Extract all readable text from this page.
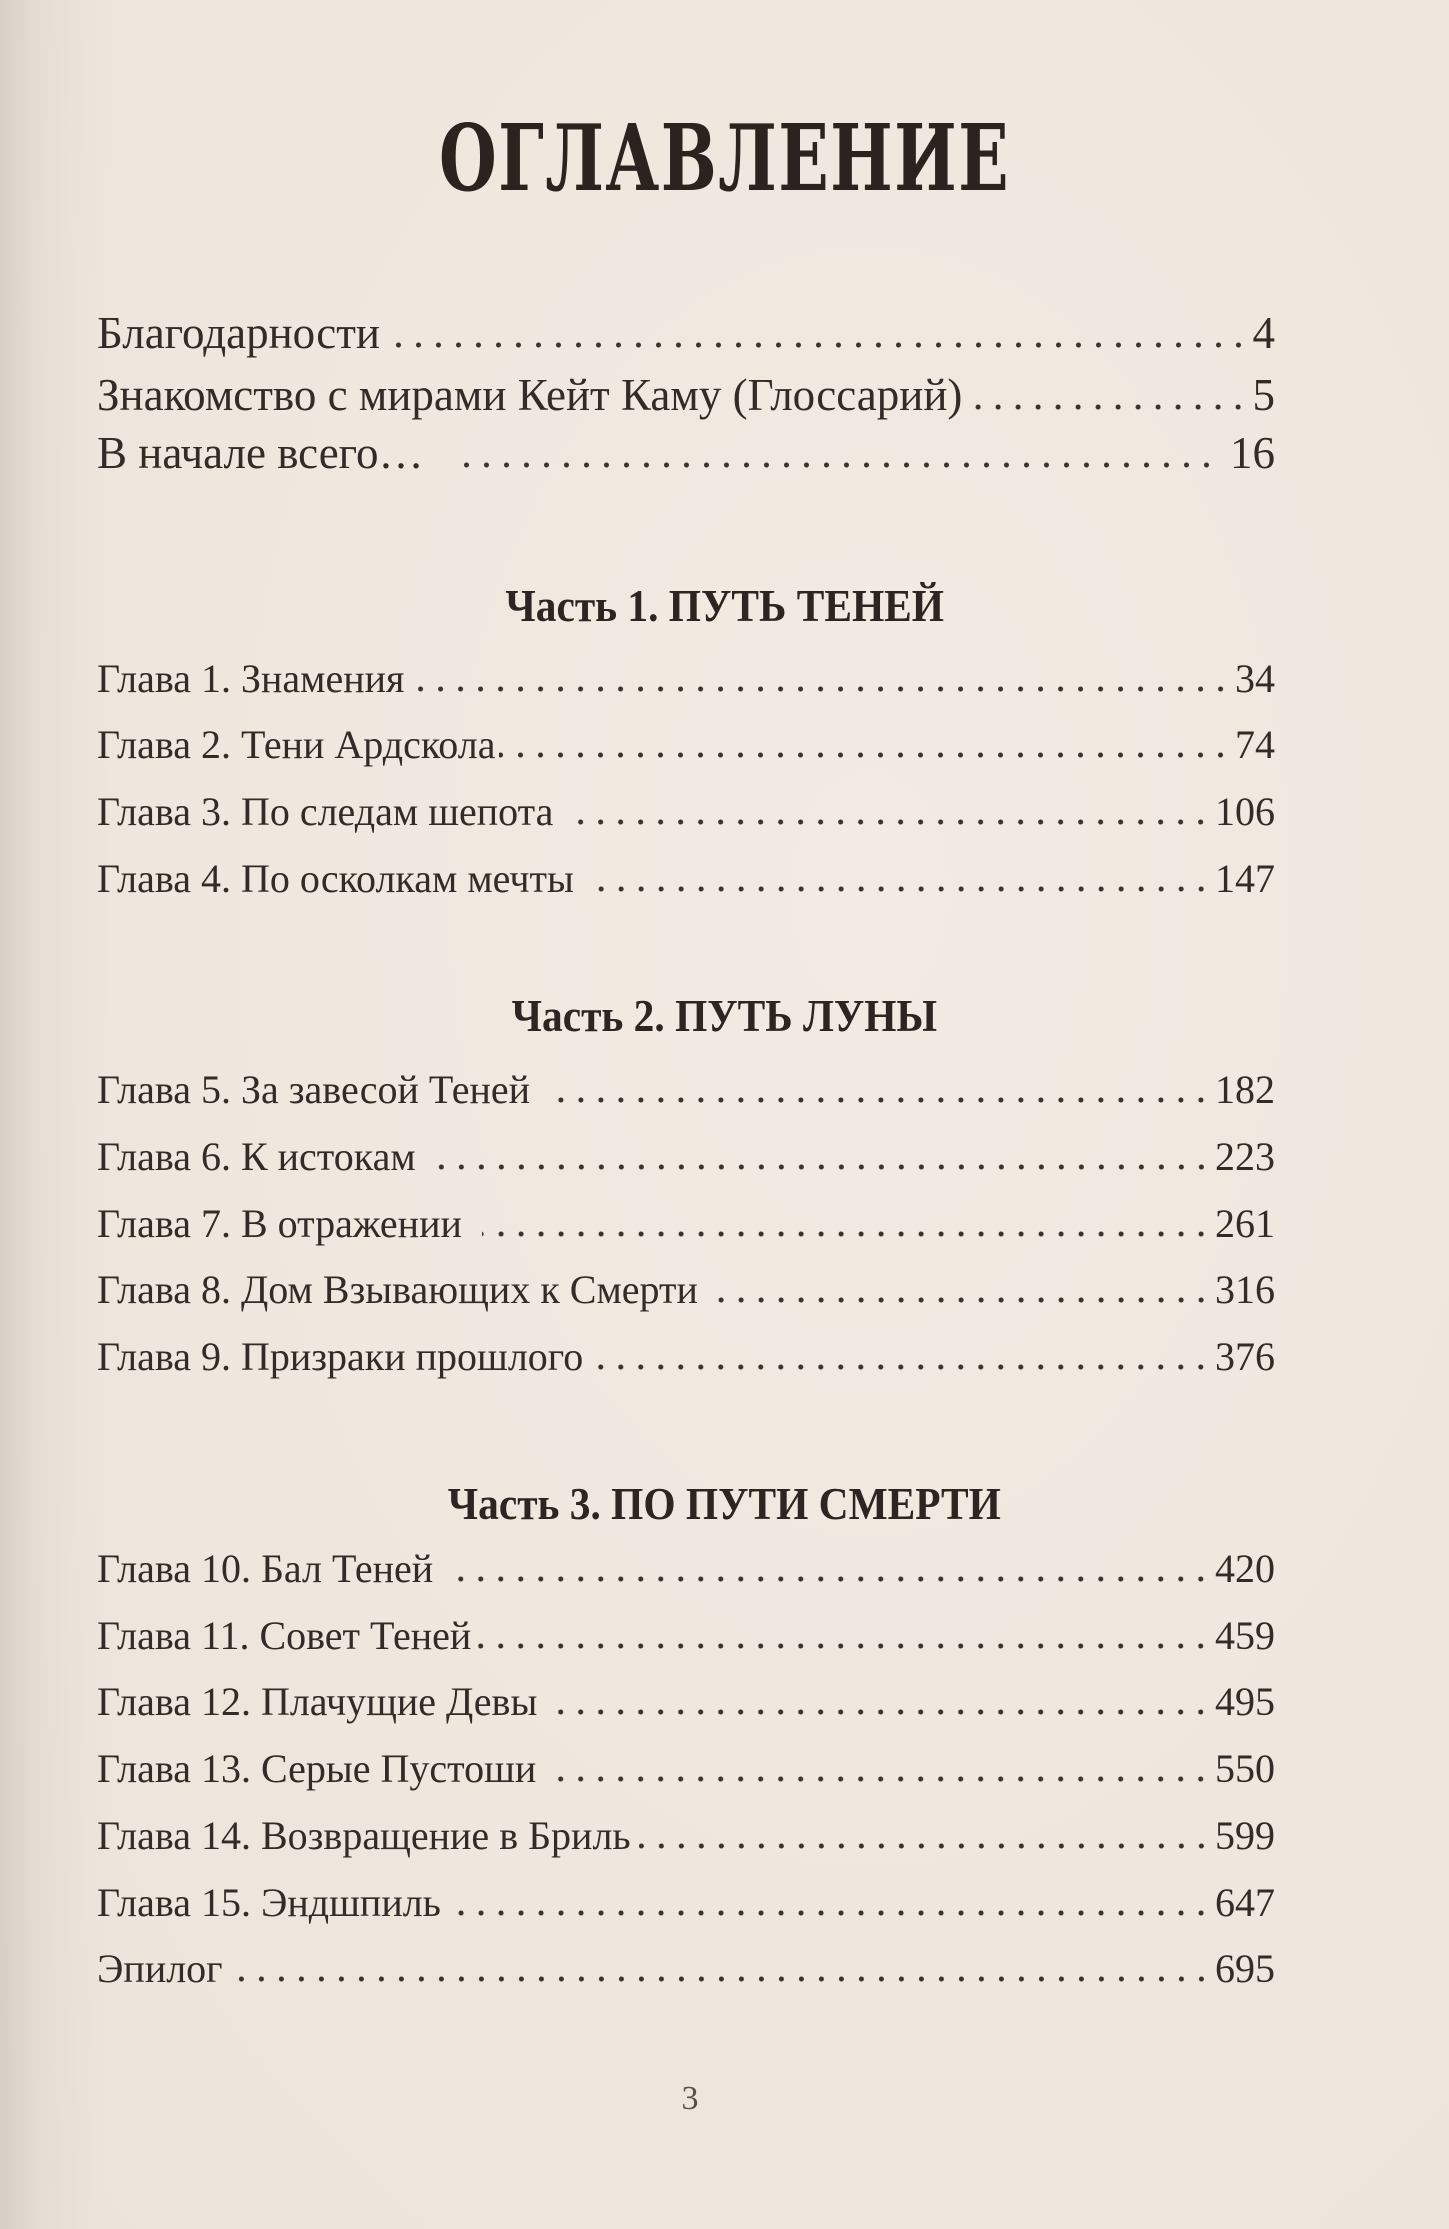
ОГЛАВЛЕНИЕ
Благодарности	4
Знакомство с мирами Кейт Каму (Глоссарий)	5
В начале всего…	16
Часть 1. ПУТЬ ТЕНЕЙ
Глава 1. Знамения	34
Глава 2. Тени Ардскола	74
Глава 3. По следам шепота	106
Глава 4. По осколкам мечты	147
Часть 2. ПУТЬ ЛУНЫ
Глава 5. За завесой Теней	182
Глава 6. К истокам	223
Глава 7. В отражении	261
Глава 8. Дом Взывающих к Смерти	316
Глава 9. Призраки прошлого	376
Часть 3. ПО ПУТИ СМЕРТИ
Глава 10. Бал Теней	420
Глава 11. Совет Теней	459
Глава 12. Плачущие Девы	495
Глава 13. Серые Пустоши	550
Глава 14. Возвращение в Бриль	599
Глава 15. Эндшпиль	647
Эпилог	695
3
